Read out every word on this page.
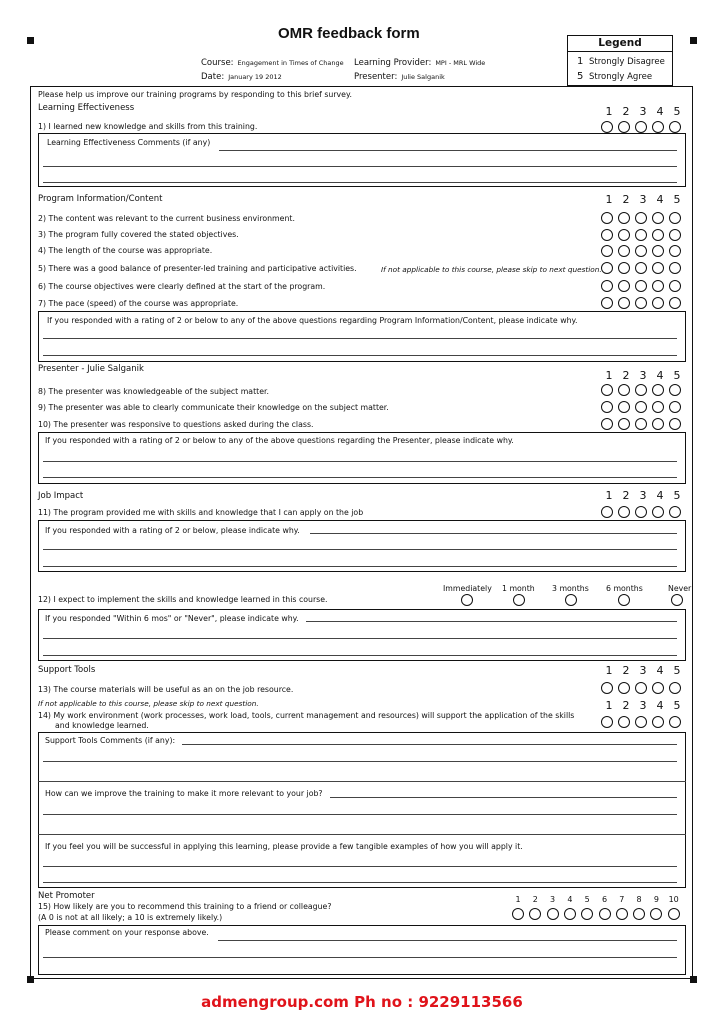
OMR feedback form
Course: Engagement in Times of Change
Date: January 19 2012
Learning Provider: MPI - MRL Wide
Presenter: Julie Salganik
Legend
1 Strongly Disagree
5 Strongly Agree
Please help us improve our training programs by responding to this brief survey.
Learning Effectiveness	1 2 3 4 5
1) I learned new knowledge and skills from this training.
Learning Effectiveness Comments (if any)
Program Information/Content	1 2 3 4 5
2) The content was relevant to the current business environment.
3) The program fully covered the stated objectives.
4) The length of the course was appropriate.
5) There was a good balance of presenter-led training and participative activities.	If not applicable to this course, please skip to next question.
6) The course objectives were clearly defined at the start of the program.
7) The pace (speed) of the course was appropriate.
If you responded with a rating of 2 or below to any of the above questions regarding Program Information/Content, please indicate why.
Presenter - Julie Salganik	1 2 3 4 5
8) The presenter was knowledgeable of the subject matter.
9) The presenter was able to clearly communicate their knowledge on the subject matter.
10) The presenter was responsive to questions asked during the class.
If you responded with a rating of 2 or below to any of the above questions regarding the Presenter, please indicate why.
Job Impact	1 2 3 4 5
11) The program provided me with skills and knowledge that I can apply on the job
If you responded with a rating of 2 or below, please indicate why.
Immediately 1 month 3 months 6 months	Never
12) I expect to implement the skills and knowledge learned in this course.
If you responded "Within 6 mos" or "Never", please indicate why.
Support Tools	1 2 3 4 5
13) The course materials will be useful as an on the job resource.
If not applicable to this course, please skip to next question.	1 2 3 4 5
14) My work environment (work processes, work load, tools, current management and resources) will support the application of the skills
and knowledge learned.
Support Tools Comments (if any):
How can we improve the training to make it more relevant to your job?
If you feel you will be successful in applying this learning, please provide a few tangible examples of how you will apply it.
Net Promoter
15) How likely are you to recommend this training to a friend or colleague?
(A 0 is not at all likely; a 10 is extremely likely.)
1	2	3	4	5	6	7	8	9	10
Please comment on your response above.
admengroup.com Ph no : 9229113566
